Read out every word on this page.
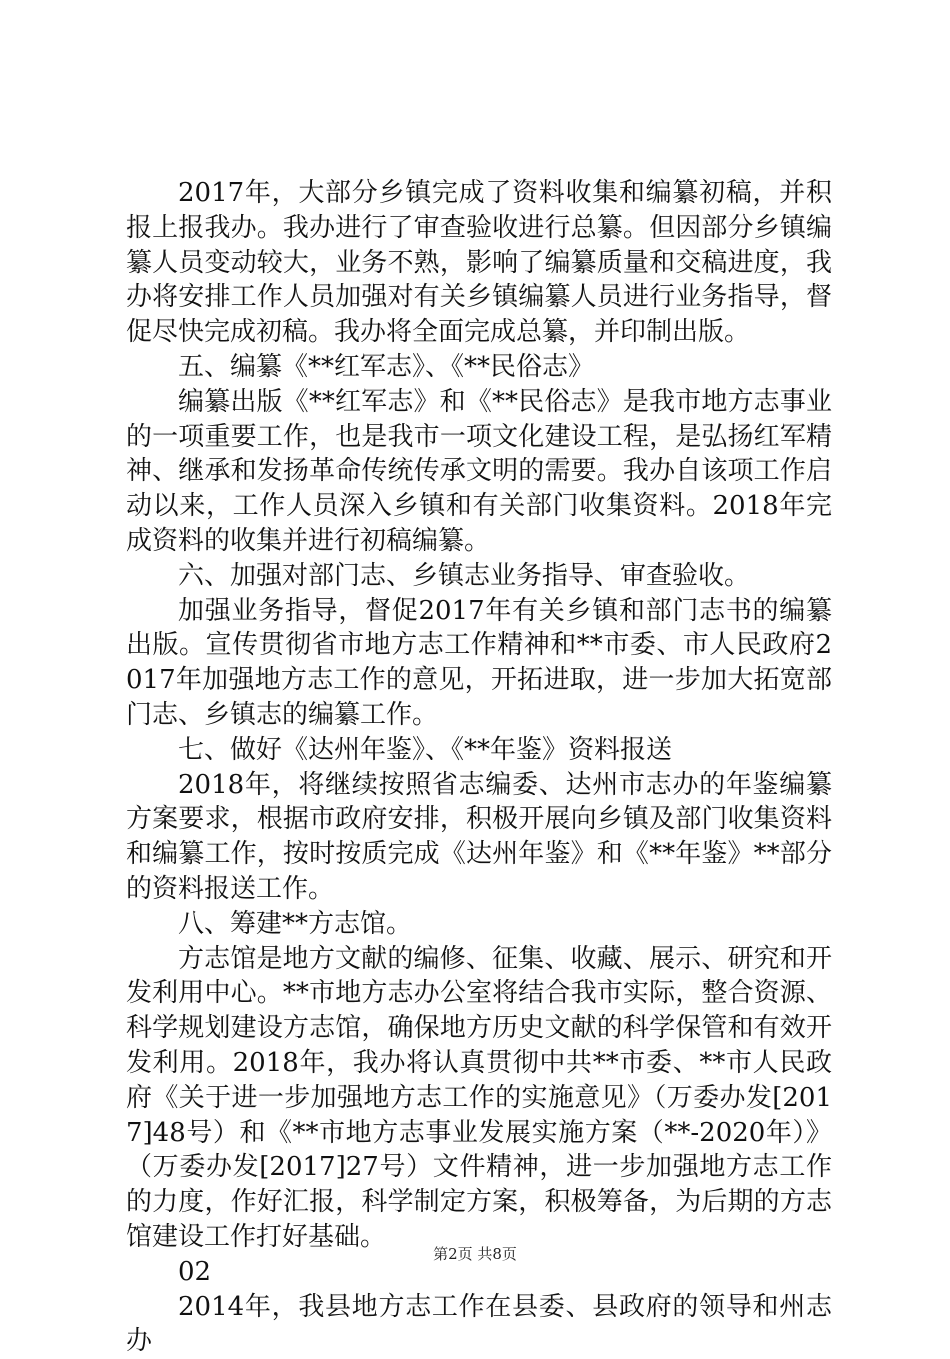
2017年，大部分乡镇完成了资料收集和编纂初稿，并积报上报我办。我办进行了审查验收进行总纂。但因部分乡镇编纂人员变动较大，业务不熟，影响了编纂质量和交稿进度，我办将安排工作人员加强对有关乡镇编纂人员进行业务指导，督促尽快完成初稿。我办将全面完成总纂，并印制出版。

五、编纂《**红军志》、《**民俗志》

编纂出版《**红军志》和《**民俗志》是我市地方志事业的一项重要工作，也是我市一项文化建设工程，是弘扬红军精神、继承和发扬革命传统传承文明的需要。我办自该项工作启动以来，工作人员深入乡镇和有关部门收集资料。2018年完成资料的收集并进行初稿编纂。

六、加强对部门志、乡镇志业务指导、审查验收。

加强业务指导，督促2017年有关乡镇和部门志书的编纂出版。宣传贯彻省市地方志工作精神和**市委、市人民政府2017年加强地方志工作的意见，开拓进取，进一步加大拓宽部门志、乡镇志的编纂工作。

七、做好《达州年鉴》、《**年鉴》资料报送

2018年，将继续按照省志编委、达州市志办的年鉴编纂方案要求，根据市政府安排，积极开展向乡镇及部门收集资料和编纂工作，按时按质完成《达州年鉴》和《**年鉴》**部分的资料报送工作。

八、筹建**方志馆。

方志馆是地方文献的编修、征集、收藏、展示、研究和开发利用中心。**市地方志办公室将结合我市实际，整合资源、科学规划建设方志馆，确保地方历史文献的科学保管和有效开发利用。2018年，我办将认真贯彻中共**市委、**市人民政府《关于进一步加强地方志工作的实施意见》（万委办发[2017]48号）和《**市地方志事业发展实施方案（**-2020年）》（万委办发[2017]27号）文件精神，进一步加强地方志工作的力度，作好汇报，科学制定方案，积极筹备，为后期的方志馆建设工作打好基础。

02

2014年，我县地方志工作在县委、县政府的领导和州志办

第2页 共8页
